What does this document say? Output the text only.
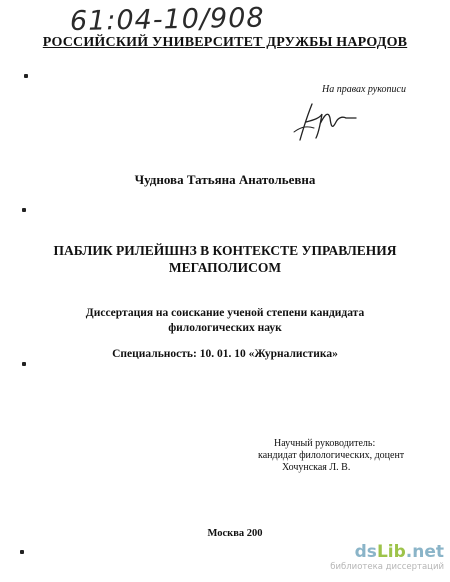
61:04-10/908
РОССИЙСКИЙ УНИВЕРСИТЕТ ДРУЖБЫ НАРОДОВ
На правах рукописи
Чуднова Татьяна Анатольевна
ПАБЛИК РИЛЕЙШНЗ В КОНТЕКСТЕ УПРАВЛЕНИЯ
МЕГАПОЛИСОМ
Диссертация на соискание ученой степени кандидата
филологических наук
Специальность: 10. 01. 10 «Журналистика»
Научный руководитель:
кандидат филологических, доцент
Хочунская Л. В.
Москва 200
dsLib.net
библиотека диссертаций
